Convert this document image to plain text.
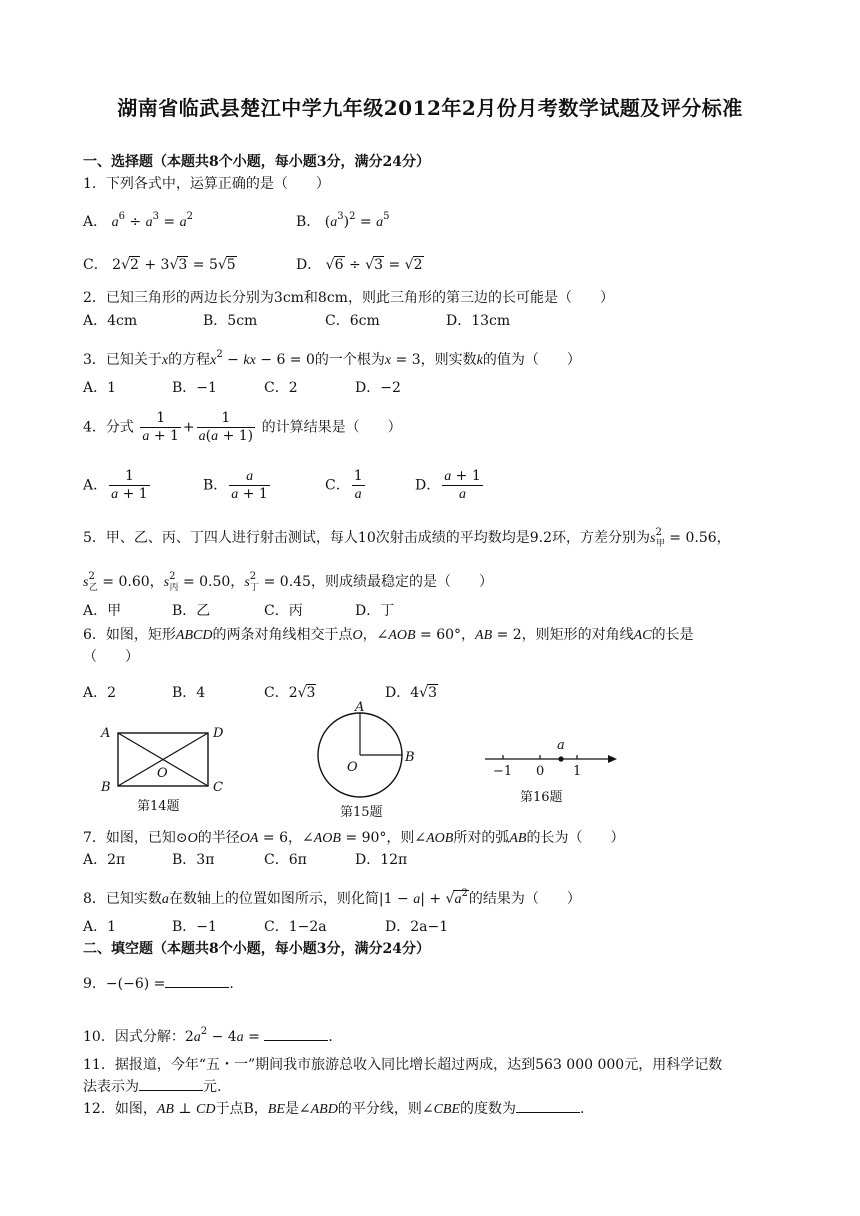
湖南省临武县楚江中学九年级2012年2月份月考数学试题及评分标准
一、选择题（本题共8个小题，每小题3分，满分24分）
1．下列各式中，运算正确的是（　　）
A． $a^6 \div a^3 = a^2$	B． $(a^3)^2 = a^5$
C． 2√2 + 3√3 = 5√5	D． √6 ÷ √3 = √2
2．已知三角形的两边长分别为3cm和8cm，则此三角形的第三边的长可能是（　　）
A．4cm	B．5cm	C．6cm	D．13cm
3．已知关于x的方程$x^2$ − kx − 6 = 0的一个根为x = 3，则实数k的值为（　　）
A．1	B．−1	C．2	D．−2
4．分式 $\frac{1}{a + 1} + \frac{1}{a(a + 1)}$ 的计算结果是（　　）
A． $\frac{1}{a + 1}$	B． $\frac{a}{a + 1}$	C． $\frac{1}{a}$	D． $\frac{a + 1}{a}$
5．甲、乙、丙、丁四人进行射击测试，每人10次射击成绩的平均数均是9.2环，方差分别为$s^2_甲 = 0.56$，
$s^2_乙 = 0.60$，$s^2_丙 = 0.50$，$s^2_丁 = 0.45$，则成绩最稳定的是（　　）
A．甲	B．乙	C．丙	D．丁
6．如图，矩形ABCD的两条对角线相交于点O，∠AOB = 60°，AB = 2，则矩形的对角线AC的长是
（　　）
A．2	B．4	C．2√3	D．4√3
A	D
B	C
O
第14题
A
O
B
第15题
−1 0 1
a
第16题
7．如图，已知⊙O的半径OA = 6，∠AOB = 90°，则∠AOB所对的弧AB的长为（　　）
A．2π	B．3π	C．6π	D．12π
8．已知实数a在数轴上的位置如图所示，则化简$|1 - a| + √a^2$的结果为（　　）
A．1	B．−1	C．1−2a	D．2a−1
二、填空题（本题共8个小题，每小题3分，满分24分）
9．−(−6) =	.
10．因式分解：$2a^2 - 4a$ =	.
11．据报道，今年“五・一”期间我市旅游总收入同比增长超过两成，达到563 000 000元，用科学记数
法表示为	元.
12．如图，AB ⊥ CD于点B，BE是∠ABD的平分线，则∠CBE的度数为	.
